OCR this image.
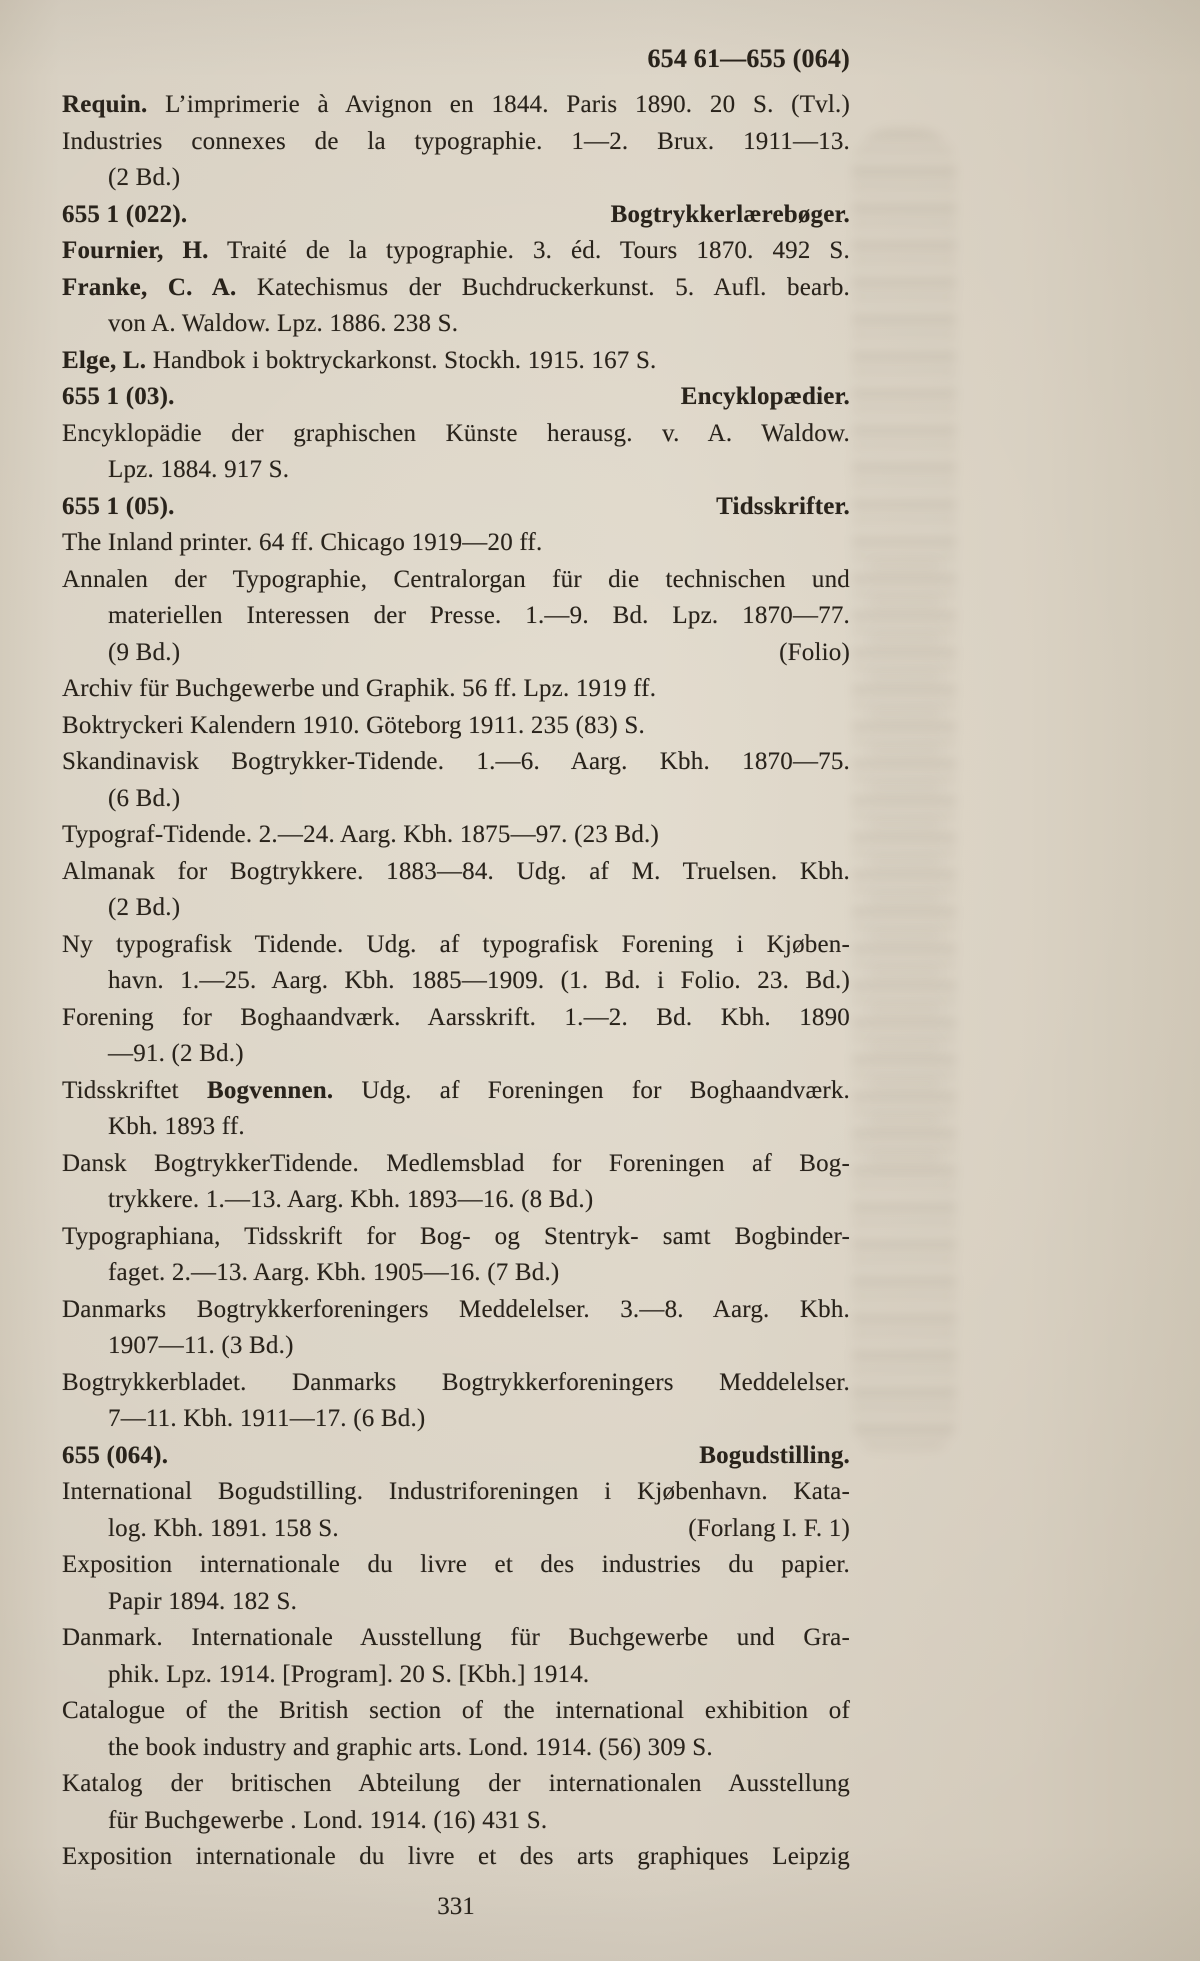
654 61—655 (064)
Requin. L’imprimerie à Avignon en 1844. Paris 1890. 20 S. (Tvl.)
Industries connexes de la typographie. 1—2. Brux. 1911—13.
(2 Bd.)
655 1 (022).	Bogtrykkerlærebøger.
Fournier, H. Traité de la typographie. 3. éd. Tours 1870. 492 S.
Franke, C. A. Katechismus der Buchdruckerkunst. 5. Aufl. bearb.
von A. Waldow. Lpz. 1886. 238 S.
Elge, L. Handbok i boktryckarkonst. Stockh. 1915. 167 S.
655 1 (03).	Encyklopædier.
Encyklopädie der graphischen Künste herausg. v. A. Waldow.
Lpz. 1884. 917 S.
655 1 (05).	Tidsskrifter.
The Inland printer. 64 ff. Chicago 1919—20 ff.
Annalen der Typographie, Centralorgan für die technischen und
materiellen Interessen der Presse. 1.—9. Bd. Lpz. 1870—77.
(9 Bd.)	(Folio)
Archiv für Buchgewerbe und Graphik. 56 ff. Lpz. 1919 ff.
Boktryckeri Kalendern 1910. Göteborg 1911. 235 (83) S.
Skandinavisk Bogtrykker-Tidende. 1.—6. Aarg. Kbh. 1870—75.
(6 Bd.)
Typograf-Tidende. 2.—24. Aarg. Kbh. 1875—97. (23 Bd.)
Almanak for Bogtrykkere. 1883—84. Udg. af M. Truelsen. Kbh.
(2 Bd.)
Ny typografisk Tidende. Udg. af typografisk Forening i Kjøben-
havn. 1.—25. Aarg. Kbh. 1885—1909. (1. Bd. i Folio. 23. Bd.)
Forening for Boghaandværk. Aarsskrift. 1.—2. Bd. Kbh. 1890
—91. (2 Bd.)
Tidsskriftet Bogvennen. Udg. af Foreningen for Boghaandværk.
Kbh. 1893 ff.
Dansk BogtrykkerTidende. Medlemsblad for Foreningen af Bog-
trykkere. 1.—13. Aarg. Kbh. 1893—16. (8 Bd.)
Typographiana, Tidsskrift for Bog- og Stentryk- samt Bogbinder-
faget. 2.—13. Aarg. Kbh. 1905—16. (7 Bd.)
Danmarks Bogtrykkerforeningers Meddelelser. 3.—8. Aarg. Kbh.
1907—11. (3 Bd.)
Bogtrykkerbladet. Danmarks Bogtrykkerforeningers Meddelelser.
7—11. Kbh. 1911—17. (6 Bd.)
655 (064).	Bogudstilling.
International Bogudstilling. Industriforeningen i Kjøbenhavn. Kata-
log. Kbh. 1891. 158 S.	(Forlang I. F. 1)
Exposition internationale du livre et des industries du papier.
Papir 1894. 182 S.
Danmark. Internationale Ausstellung für Buchgewerbe und Gra-
phik. Lpz. 1914. [Program]. 20 S. [Kbh.] 1914.
Catalogue of the British section of the international exhibition of
the book industry and graphic arts. Lond. 1914. (56) 309 S.
Katalog der britischen Abteilung der internationalen Ausstellung
für Buchgewerbe . Lond. 1914. (16) 431 S.
Exposition internationale du livre et des arts graphiques Leipzig
331
